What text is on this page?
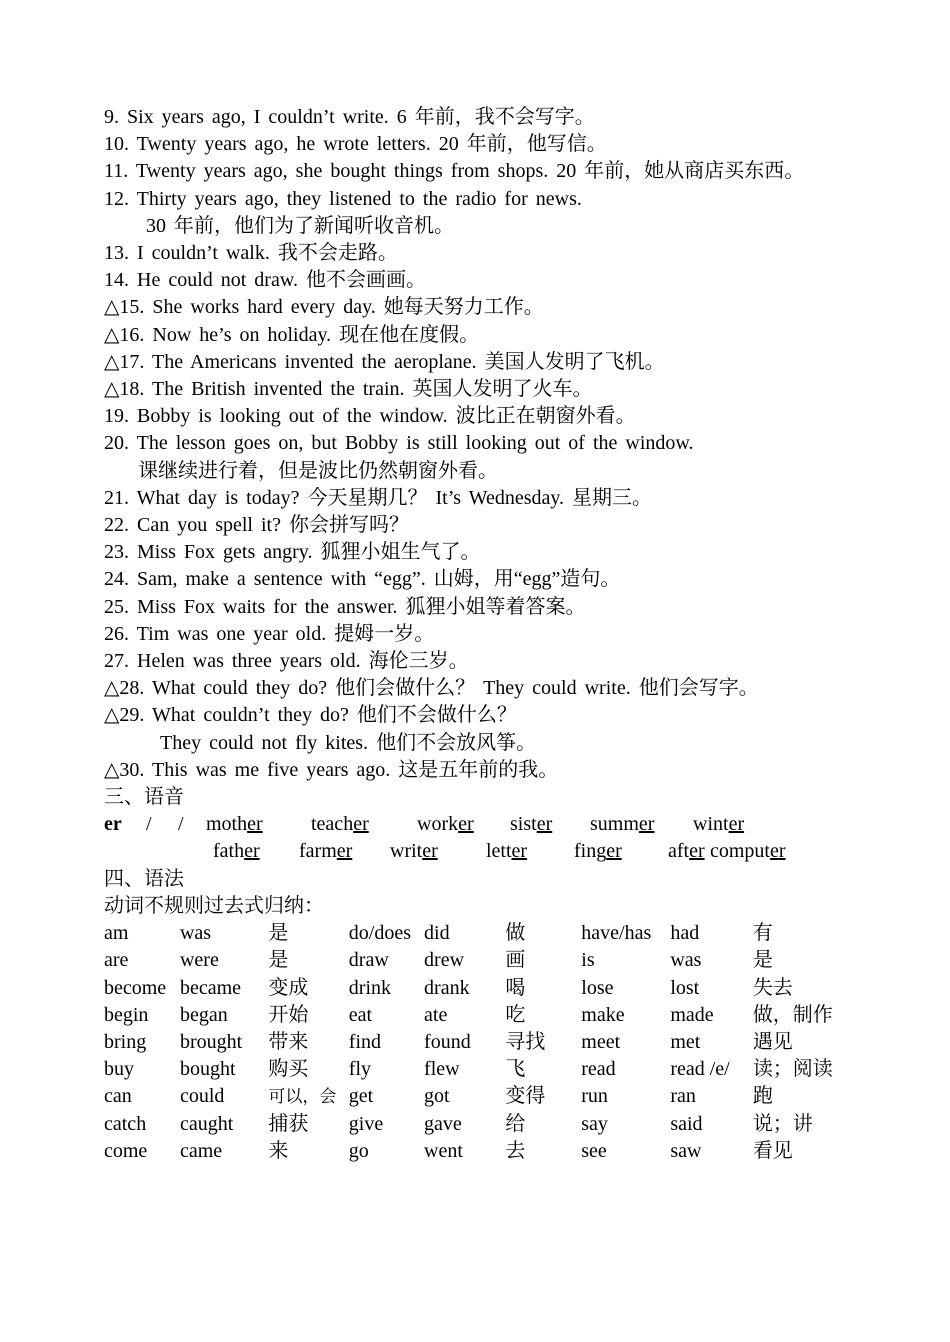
9. Six years ago, I couldn’t write. 6 年前，我不会写字。
10. Twenty years ago, he wrote letters. 20 年前，他写信。
11. Twenty years ago, she bought things from shops. 20 年前，她从商店买东西。
12. Thirty years ago, they listened to the radio for news.
30 年前，他们为了新闻听收音机。
13. I couldn’t walk. 我不会走路。
14. He could not draw. 他不会画画。
△15. She works hard every day. 她每天努力工作。
△16. Now he’s on holiday. 现在他在度假。
△17. The Americans invented the aeroplane. 美国人发明了飞机。
△18. The British invented the train. 英国人发明了火车。
19. Bobby is looking out of the window. 波比正在朝窗外看。
20. The lesson goes on, but Bobby is still looking out of the window.
课继续进行着，但是波比仍然朝窗外看。
21. What day is today? 今天星期几？ It’s Wednesday. 星期三。
22. Can you spell it? 你会拼写吗？
23. Miss Fox gets angry. 狐狸小姐生气了。
24. Sam, make a sentence with “egg”. 山姆，用“egg”造句。
25. Miss Fox waits for the answer. 狐狸小姐等着答案。
26. Tim was one year old. 提姆一岁。
27. Helen was three years old. 海伦三岁。
△28. What could they do? 他们会做什么？ They could write. 他们会写字。
△29. What couldn’t they do? 他们不会做什么？
They could not fly kites. 他们不会放风筝。
△30. This was me five years ago. 这是五年前的我。
三、语音
er / / mother teacher worker sister summer winter
father farmer writer letter finger after computer
四、语法
动词不规则过去式归纳：
am	was	是	do/does	did	做	have/has	had	有
are	were	是	draw	drew	画	is	was	是
become	became	变成	drink	drank	喝	lose	lost	失去
begin	began	开始	eat	ate	吃	make	made	做，制作
bring	brought	带来	find	found	寻找	meet	met	遇见
buy	bought	购买	fly	flew	飞	read	read /e/	读；阅读
can	could	可以，会	get	got	变得	run	ran	跑
catch	caught	捕获	give	gave	给	say	said	说；讲
come	came	来	go	went	去	see	saw	看见
